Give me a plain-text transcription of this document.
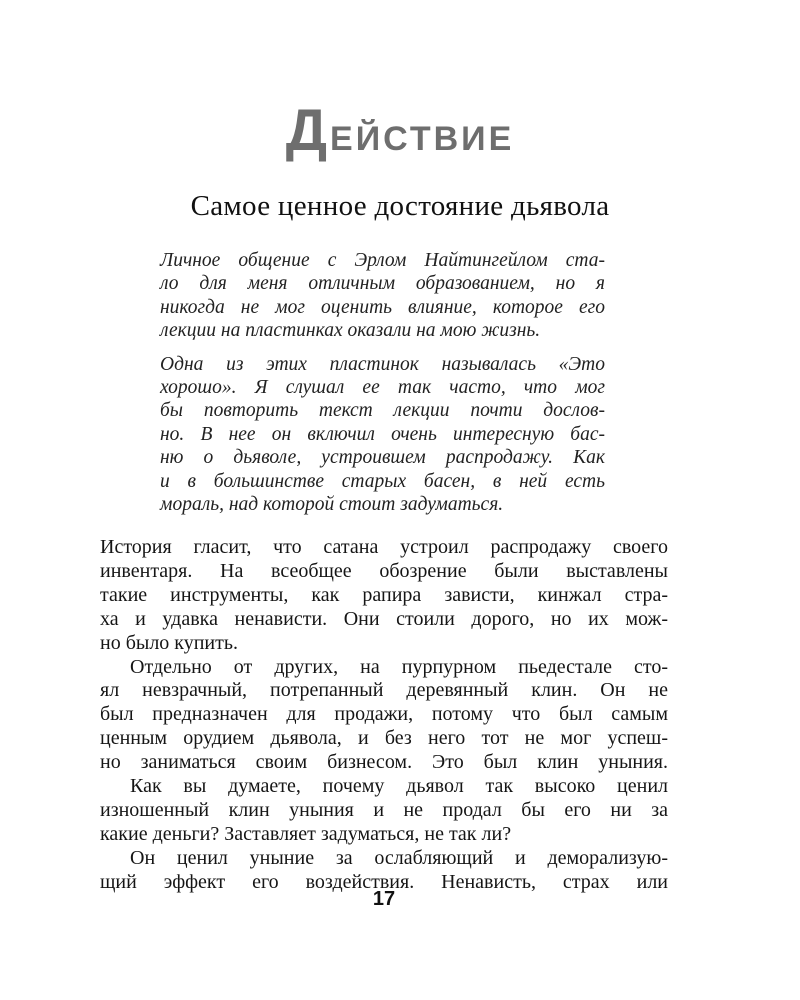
ДЕЙСТВИЕ
Самое ценное достояние дьявола

Личное общение с Эрлом Найтингейлом ста-
ло для меня отличным образованием, но я
никогда не мог оценить влияние, которое его
лекции на пластинках оказали на мою жизнь.

Одна из этих пластинок называлась «Это
хорошо». Я слушал ее так часто, что мог
бы повторить текст лекции почти дослов-
но. В нее он включил очень интересную бас-
ню о дьяволе, устроившем распродажу. Как
и в большинстве старых басен, в ней есть
мораль, над которой стоит задуматься.

История гласит, что сатана устроил распродажу своего
инвентаря. На всеобщее обозрение были выставлены
такие инструменты, как рапира зависти, кинжал стра-
ха и удавка ненависти. Они стоили дорого, но их мож-
но было купить.
Отдельно от других, на пурпурном пьедестале сто-
ял невзрачный, потрепанный деревянный клин. Он не
был предназначен для продажи, потому что был самым
ценным орудием дьявола, и без него тот не мог успеш-
но заниматься своим бизнесом. Это был клин уныния.
Как вы думаете, почему дьявол так высоко ценил
изношенный клин уныния и не продал бы его ни за
какие деньги? Заставляет задуматься, не так ли?
Он ценил уныние за ослабляющий и деморализую-
щий эффект его воздействия. Ненависть, страх или
17
